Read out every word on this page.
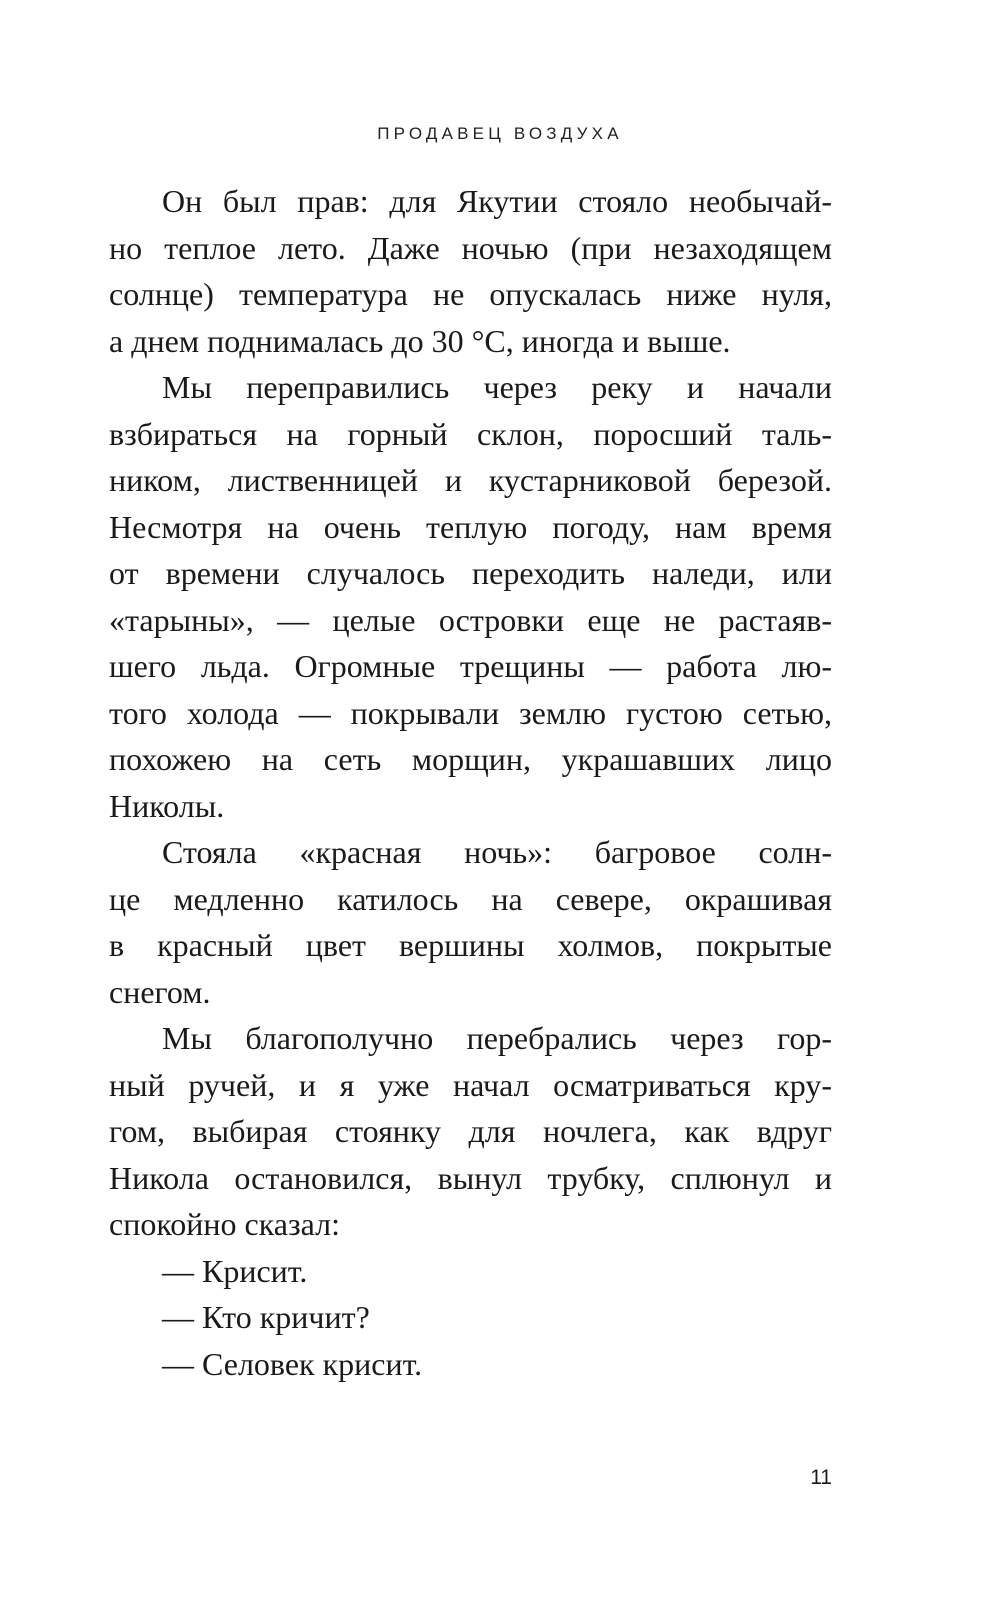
ПРОДАВЕЦ ВОЗДУХА

Он был прав: для Якутии стояло необычай-
но теплое лето. Даже ночью (при незаходящем
солнце) температура не опускалась ниже нуля,
а днем поднималась до 30 °С, иногда и выше.

Мы переправились через реку и начали
взбираться на горный склон, поросший таль-
ником, лиственницей и кустарниковой березой.
Несмотря на очень теплую погоду, нам время
от времени случалось переходить наледи, или
«тарыны», — целые островки еще не растаяв-
шего льда. Огромные трещины — работа лю-
того холода — покрывали землю густою сетью,
похожею на сеть морщин, украшавших лицо
Николы.

Стояла «красная ночь»: багровое солн-
це медленно катилось на севере, окрашивая
в красный цвет вершины холмов, покрытые
снегом.

Мы благополучно перебрались через гор-
ный ручей, и я уже начал осматриваться кру-
гом, выбирая стоянку для ночлега, как вдруг
Никола остановился, вынул трубку, сплюнул и
спокойно сказал:

— Крисит.

— Кто кричит?

— Селовек крисит.

11
